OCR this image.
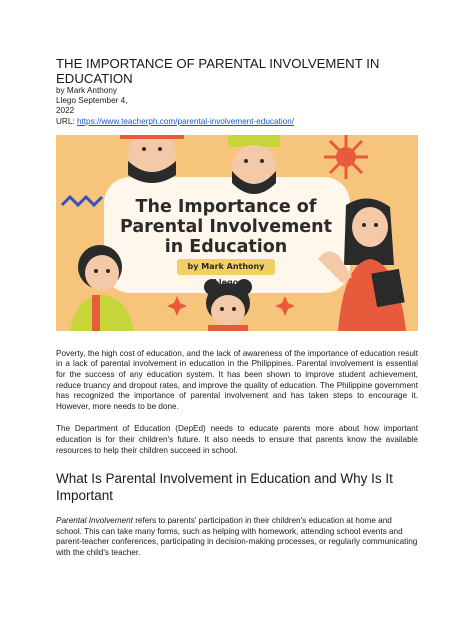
THE IMPORTANCE OF PARENTAL INVOLVEMENT IN EDUCATION
by Mark Anthony
Llego September 4,
2022
URL: https://www.teacherph.com/parental-involvement-education/
The Importance of Parental Involvement in Education
by Mark Anthony Llego

Poverty, the high cost of education, and the lack of awareness of the importance of education result in a lack of parental involvement in education in the Philippines. Parental involvement is essential for the success of any education system. It has been shown to improve student achievement, reduce truancy and dropout rates, and improve the quality of education. The Philippine government has recognized the importance of parental involvement and has taken steps to encourage it. However, more needs to be done.

The Department of Education (DepEd) needs to educate parents more about how important education is for their children's future. It also needs to ensure that parents know the available resources to help their children succeed in school.

What Is Parental Involvement in Education and Why Is It Important

Parental Involvement refers to parents' participation in their children's education at home and school. This can take many forms, such as helping with homework, attending school events and parent-teacher conferences, participating in decision-making processes, or regularly communicating with the child's teacher.
